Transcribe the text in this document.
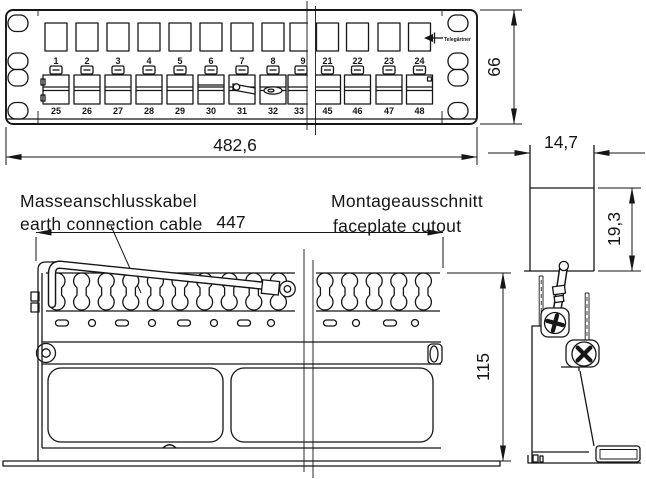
1
25
2
26
3
27
4
28
5
29
6
30
7
31
8
32
9
33
21
45
22
46
23
47
24
48
Telegärtner
482,6
66
Masseanschlusskabel
earth connection cable
Montageausschnitt
faceplate cutout
447
115
14,7
19,3
